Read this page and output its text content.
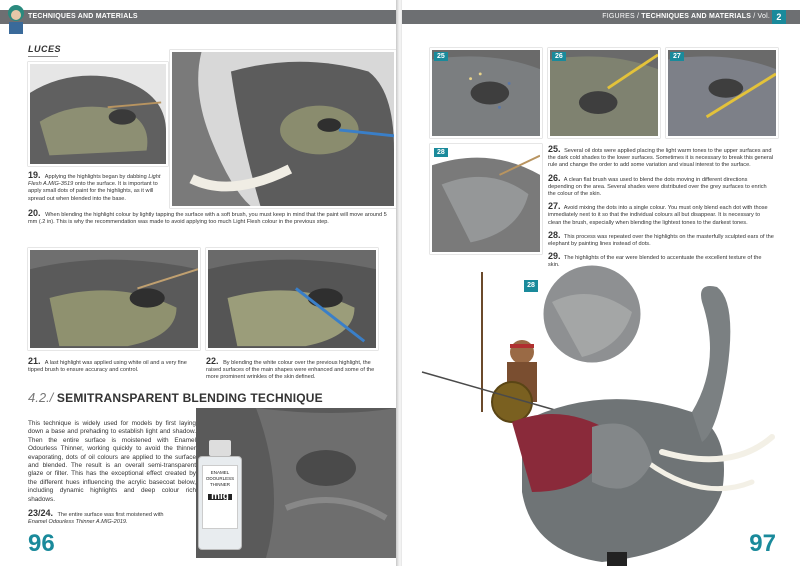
TECHNIQUES AND MATERIALS
LUCES
19. Applying the highlights began by dabbing Light Flesh A.MIG-3519 onto the surface. It is important to apply small dots of paint for the highlights, as it will spread out when blended into the base.
20. When blending the highlight colour by lightly tapping the surface with a soft brush, you must keep in mind that the paint will move around 5 mm (.2 in). This is why the recommendation was made to avoid applying too much Light Flesh colour in the previous step.
21. A last highlight was applied using white oil and a very fine tipped brush to ensure accuracy and control.
22. By blending the white colour over the previous highlight, the raised surfaces of the main shapes were enhanced and some of the more prominent wrinkles of the skin defined.
4.2./ SEMITRANSPARENT BLENDING TECHNIQUE
This technique is widely used for models by first laying down a base and prehading to establish light and shadow. Then the entire surface is moistened with Enamel Odourless Thinner, working quickly to avoid the thinner evaporating, dots of oil colours are applied to the surface and blended. The result is an overall semi-transparent glaze or filter. This has the exceptional effect created by the different hues influencing the acrylic basecoat below, including dynamic highlights and deep colour rich shadows.
23/24. The entire surface was first moistened with Enamel Odourless Thinner A.MIG-2019.
ENAMEL
ODOURLESS
THINNER
mig
96
FIGURES / TECHNIQUES AND MATERIALS / Vol. 2
25	26	27
28	25. Several oil dots were applied placing the light warm tones to the upper surfaces and the dark cold shades to the lower surfaces. Sometimes it is necessary to break this general rule and change the order to add some variation and visual interest to the surface.

26. A clean flat brush was used to blend the dots moving in different directions depending on the area. Several shades were distributed over the grey surfaces to enrich the colour of the skin.

27. Avoid mixing the dots into a single colour. You must only blend each dot with those immediately next to it so that the individual colours all but disappear. It is necessary to clean the brush, especially when blending the lightest tones to the darkest tones.

28. This process was repeated over the highlights on the masterfully sculpted ears of the elephant by painting lines instead of dots.

29. The highlights of the ear were blended to accentuate the excellent texture of the skin.

28
97
